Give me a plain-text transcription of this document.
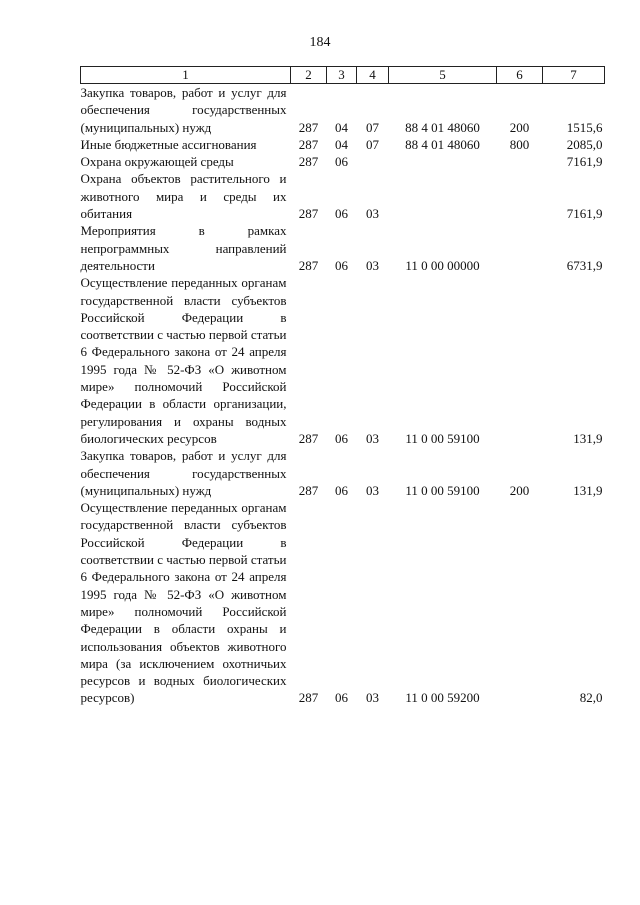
184
1	2	3	4	5	6	7
Закупка товаров, работ и услуг для обеспечения государственных (муниципальных) нужд	287	04	07	88 4 01 48060	200	1515,6
Иные бюджетные ассигнования	287	04	07	88 4 01 48060	800	2085,0
Охрана окружающей среды	287	06				7161,9
Охрана объектов растительного и животного мира и среды их обитания	287	06	03			7161,9
Мероприятия в рамках непрограммных направлений деятельности	287	06	03	11 0 00 00000		6731,9
Осуществление переданных органам государственной власти субъектов Российской Федерации в соответствии с частью первой статьи 6 Федерального закона от 24 апреля 1995 года № 52-ФЗ «О животном мире» полномочий Российской Федерации в области организации, регулирования и охраны водных биологических ресурсов	287	06	03	11 0 00 59100		131,9
Закупка товаров, работ и услуг для обеспечения государственных (муниципальных) нужд	287	06	03	11 0 00 59100	200	131,9
Осуществление переданных органам государственной власти субъектов Российской Федерации в соответствии с частью первой статьи 6 Федерального закона от 24 апреля 1995 года № 52-ФЗ «О животном мире» полномочий Российской Федерации в области охраны и использования объектов животного мира (за исключением охотничьих ресурсов и водных биологических ресурсов)	287	06	03	11 0 00 59200		82,0
